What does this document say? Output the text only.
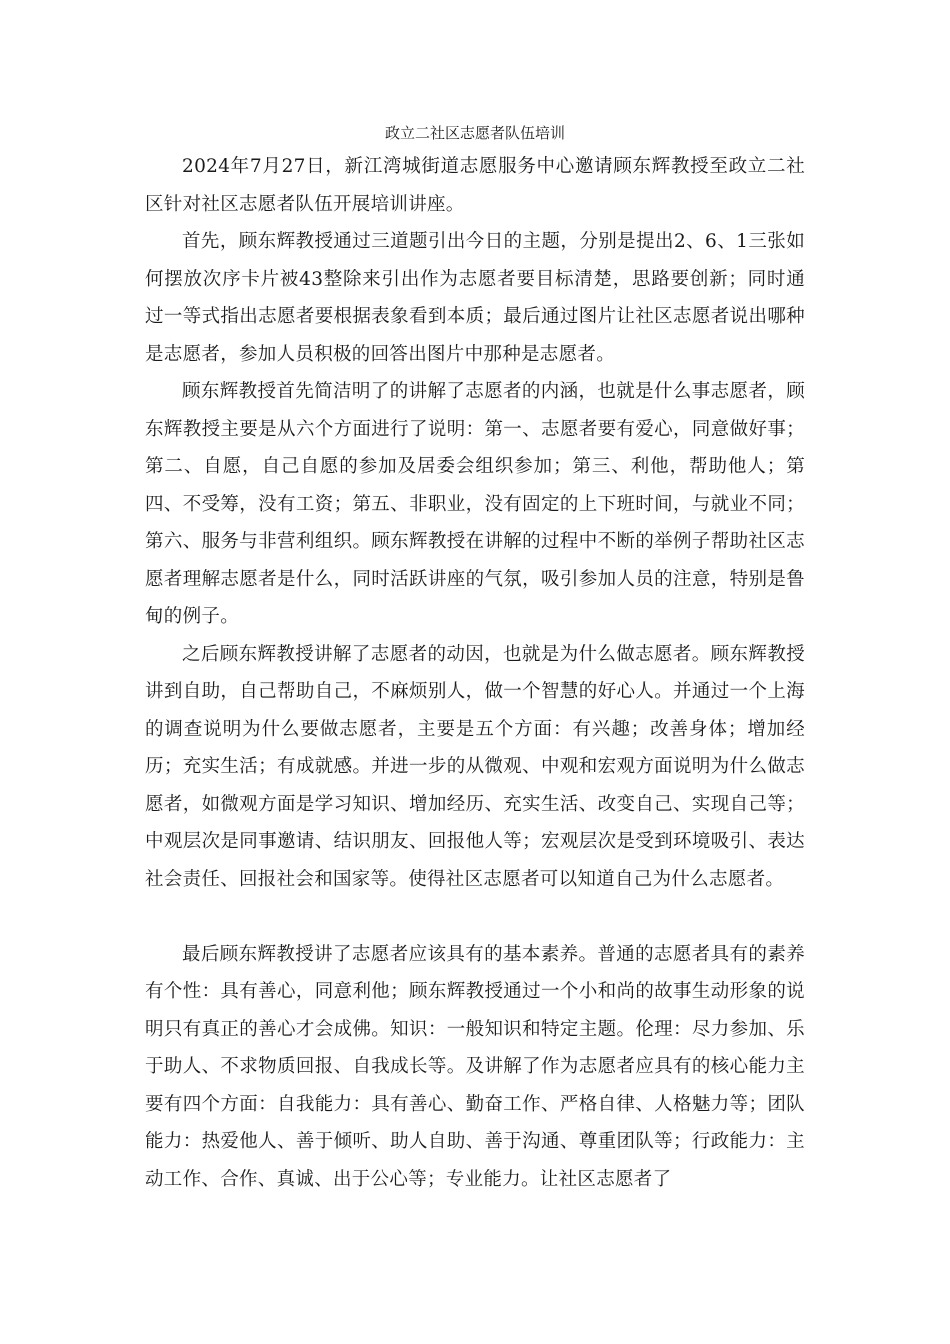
政立二社区志愿者队伍培训

2024年7月27日，新江湾城街道志愿服务中心邀请顾东辉教授至政立二社区针对社区志愿者队伍开展培训讲座。

首先，顾东辉教授通过三道题引出今日的主题，分别是提出2、6、1三张如何摆放次序卡片被43整除来引出作为志愿者要目标清楚，思路要创新；同时通过一等式指出志愿者要根据表象看到本质；最后通过图片让社区志愿者说出哪种是志愿者，参加人员积极的回答出图片中那种是志愿者。

顾东辉教授首先简洁明了的讲解了志愿者的内涵，也就是什么事志愿者，顾东辉教授主要是从六个方面进行了说明：第一、志愿者要有爱心，同意做好事；第二、自愿，自己自愿的参加及居委会组织参加；第三、利他，帮助他人；第四、不受筹，没有工资；第五、非职业，没有固定的上下班时间，与就业不同；第六、服务与非营利组织。顾东辉教授在讲解的过程中不断的举例子帮助社区志愿者理解志愿者是什么，同时活跃讲座的气氛，吸引参加人员的注意，特别是鲁甸的例子。

之后顾东辉教授讲解了志愿者的动因，也就是为什么做志愿者。顾东辉教授讲到自助，自己帮助自己，不麻烦别人，做一个智慧的好心人。并通过一个上海的调查说明为什么要做志愿者，主要是五个方面：有兴趣；改善身体；增加经历；充实生活；有成就感。并进一步的从微观、中观和宏观方面说明为什么做志愿者，如微观方面是学习知识、增加经历、充实生活、改变自己、实现自己等；中观层次是同事邀请、结识朋友、回报他人等；宏观层次是受到环境吸引、表达社会责任、回报社会和国家等。使得社区志愿者可以知道自己为什么志愿者。

最后顾东辉教授讲了志愿者应该具有的基本素养。普通的志愿者具有的素养有个性：具有善心，同意利他；顾东辉教授通过一个小和尚的故事生动形象的说明只有真正的善心才会成佛。知识：一般知识和特定主题。伦理：尽力参加、乐于助人、不求物质回报、自我成长等。及讲解了作为志愿者应具有的核心能力主要有四个方面：自我能力：具有善心、勤奋工作、严格自律、人格魅力等；团队能力：热爱他人、善于倾听、助人自助、善于沟通、尊重团队等；行政能力：主动工作、合作、真诚、出于公心等；专业能力。让社区志愿者了
